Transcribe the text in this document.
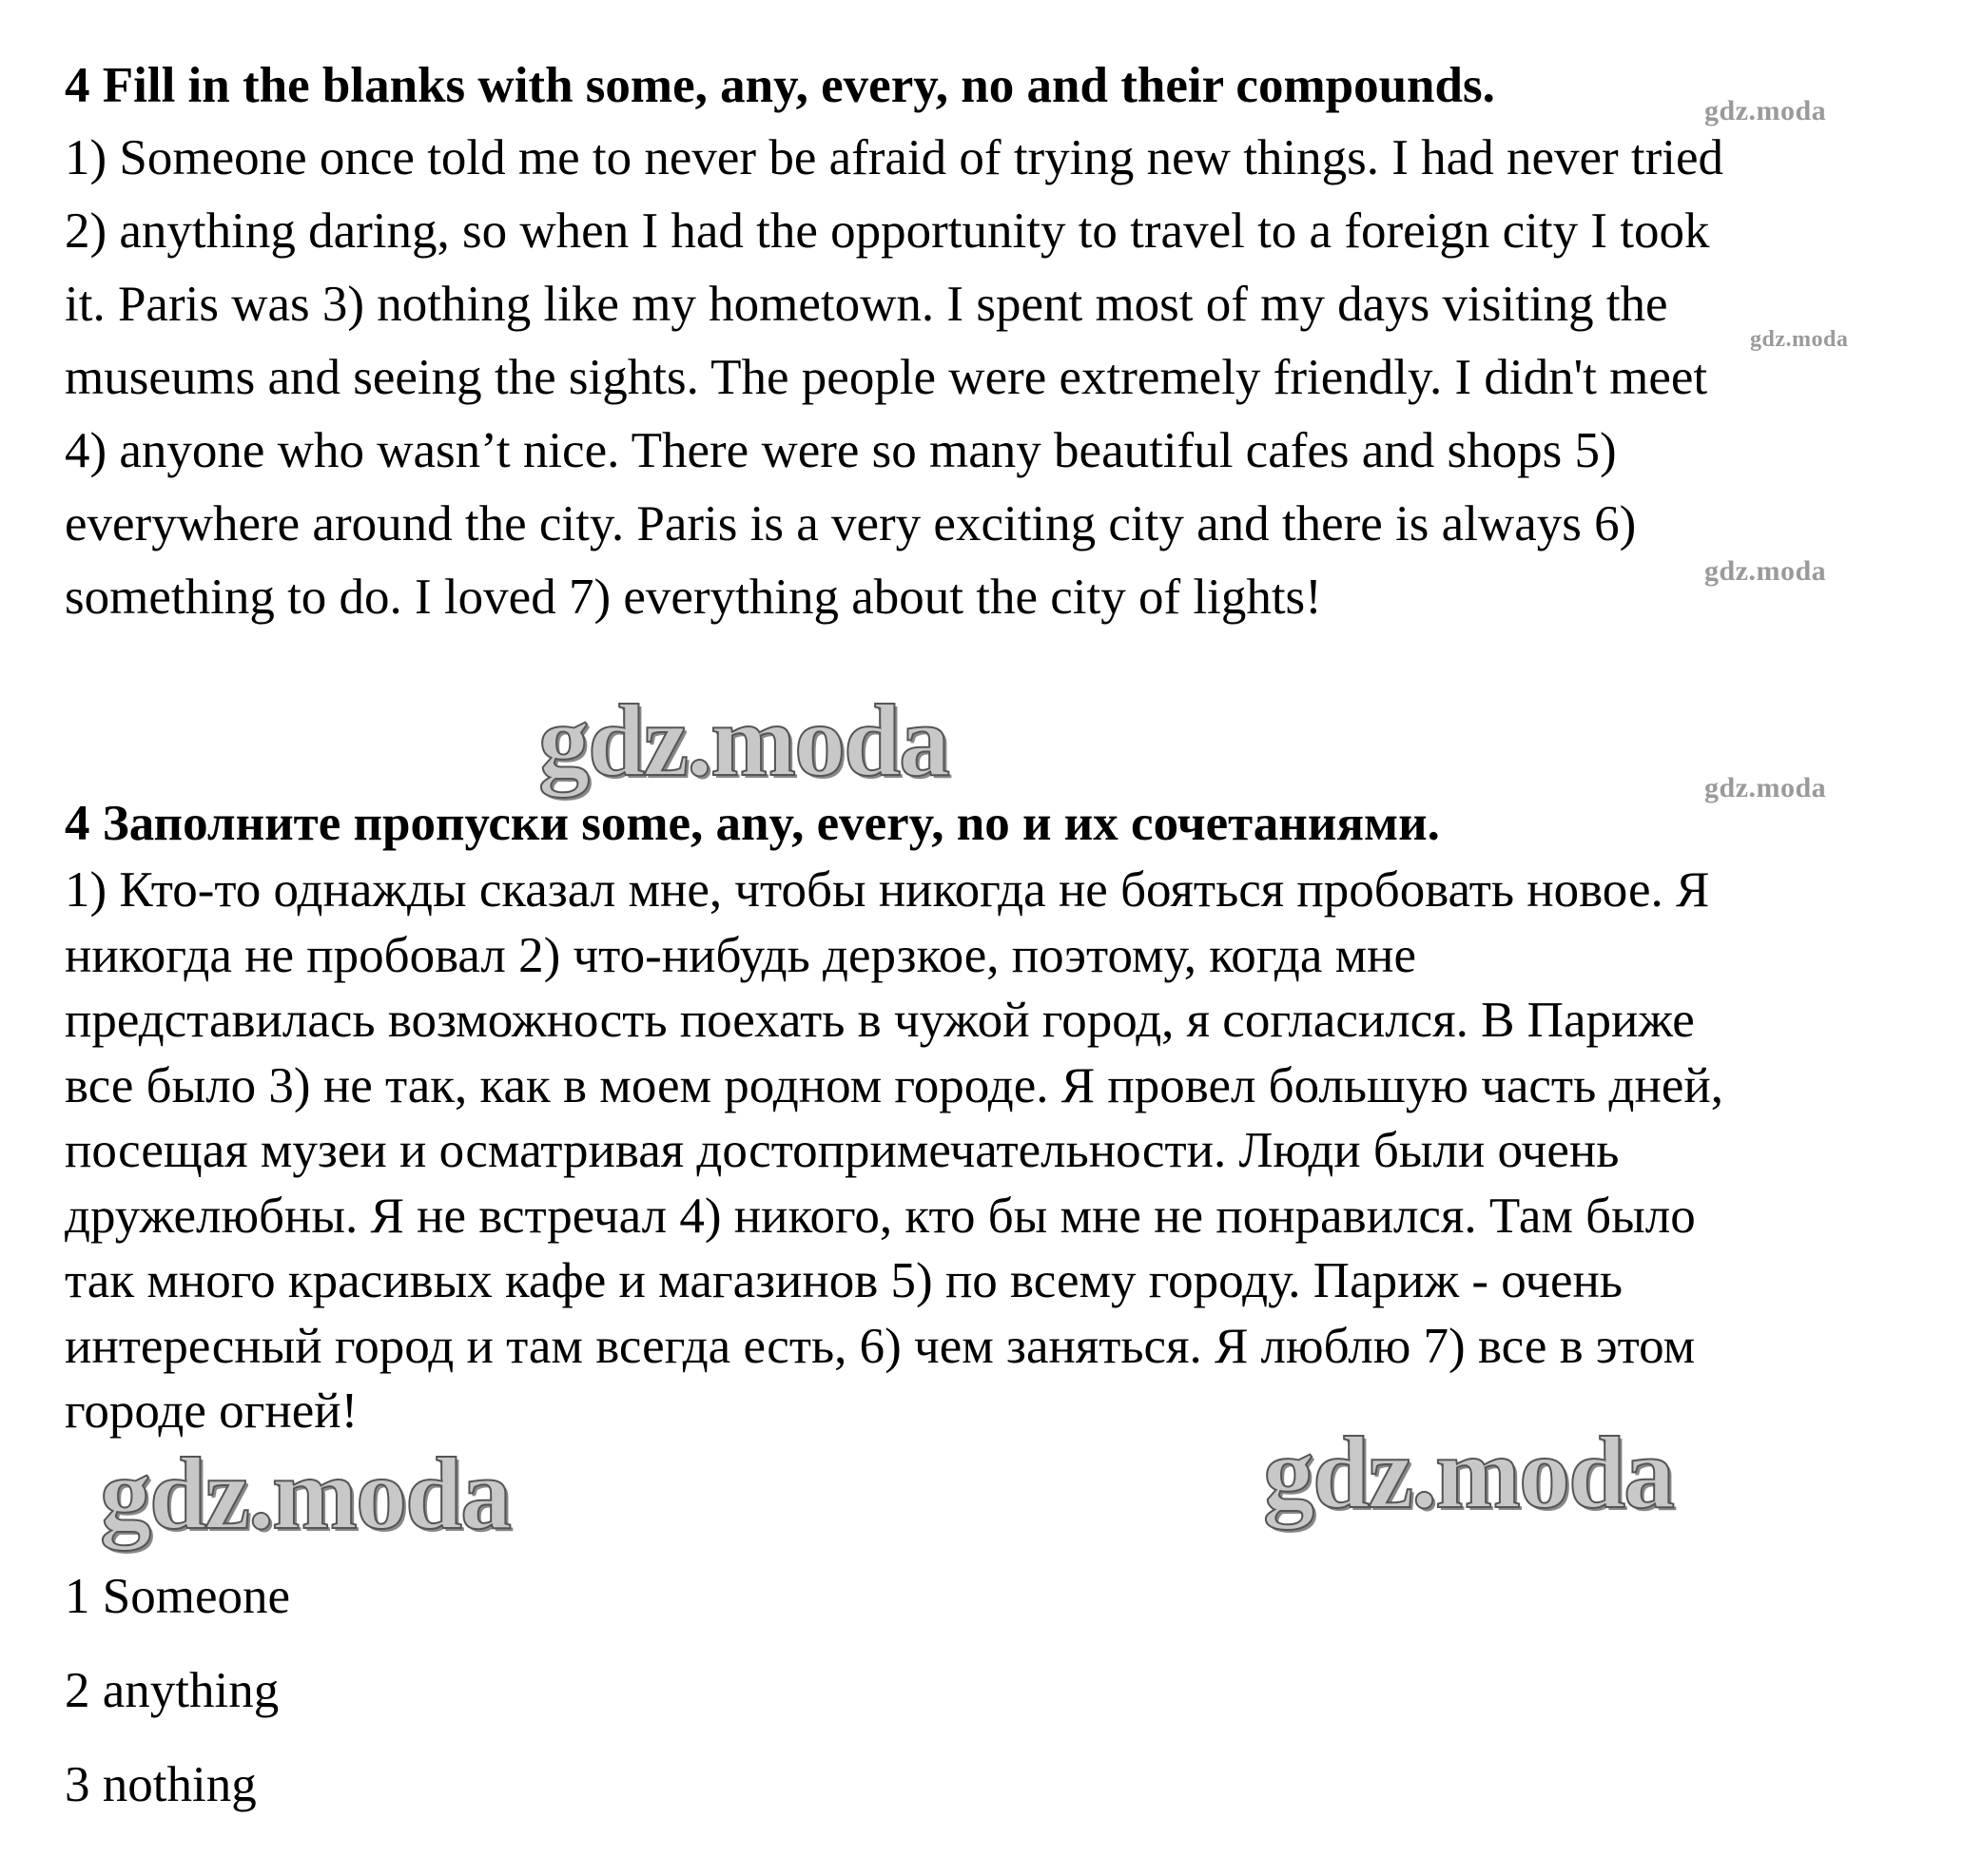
4 Fill in the blanks with some, any, every, no and their compounds.

1) Someone once told me to never be afraid of trying new things. I had never tried

2) anything daring, so when I had the opportunity to travel to a foreign city I took

it. Paris was 3) nothing like my hometown. I spent most of my days visiting the

museums and seeing the sights. The people were extremely friendly. I didn't meet

4) anyone who wasn’t nice. There were so many beautiful cafes and shops 5)

everywhere around the city. Paris is a very exciting city and there is always 6)

something to do. I loved 7) everything about the city of lights!

4 Заполните пропуски some, any, every, no и их сочетаниями.

1) Кто-то однажды сказал мне, чтобы никогда не бояться пробовать новое. Я

никогда не пробовал 2) что-нибудь дерзкое, поэтому, когда мне

представилась возможность поехать в чужой город, я согласился. В Париже

все было 3) не так, как в моем родном городе. Я провел большую часть дней,

посещая музеи и осматривая достопримечательности. Люди были очень

дружелюбны. Я не встречал 4) никого, кто бы мне не понравился. Там было

так много красивых кафе и магазинов 5) по всему городу. Париж - очень

интересный город и там всегда есть, 6) чем заняться. Я люблю 7) все в этом

городе огней!

1 Someone
2 anything
3 nothing
gdz.moda
gdz.moda
gdz.moda
gdz.moda
gdz.moda
gdz.moda	gdz.moda
